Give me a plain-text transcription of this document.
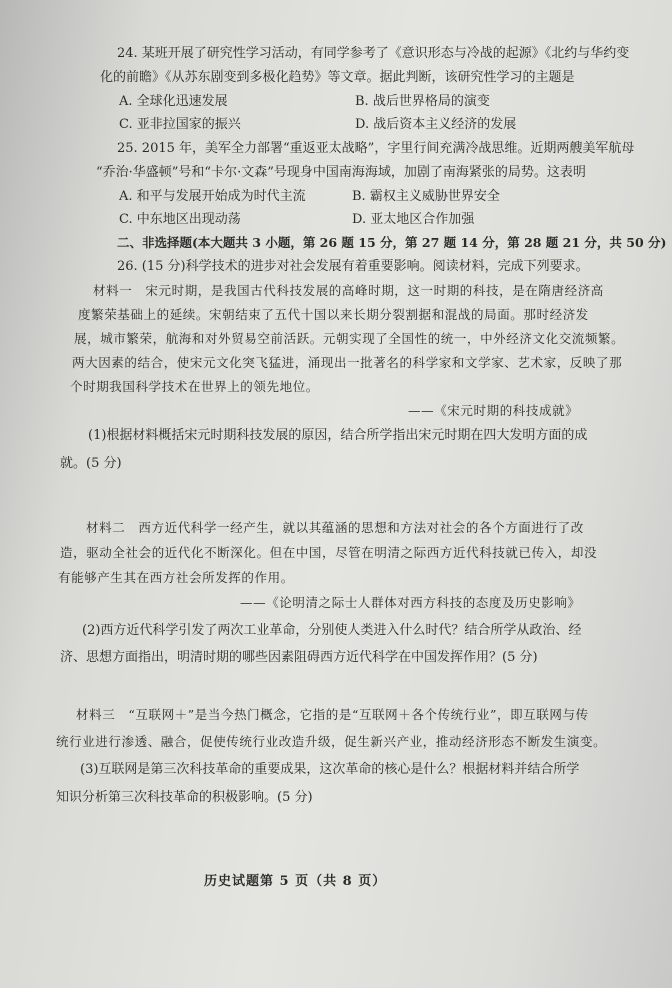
24. 某班开展了研究性学习活动，有同学参考了《意识形态与冷战的起源》《北约与华约变
化的前瞻》《从苏东剧变到多极化趋势》等文章。据此判断，该研究性学习的主题是
A. 全球化迅速发展	B. 战后世界格局的演变
C. 亚非拉国家的振兴	D. 战后资本主义经济的发展
25. 2015 年，美军全力部署“重返亚太战略”，字里行间充满冷战思维。近期两艘美军航母
“乔治·华盛顿”号和“卡尔·文森”号现身中国南海海域，加剧了南海紧张的局势。这表明
A. 和平与发展开始成为时代主流	B. 霸权主义威胁世界安全
C. 中东地区出现动荡	D. 亚太地区合作加强
二、非选择题(本大题共 3 小题，第 26 题 15 分，第 27 题 14 分，第 28 题 21 分，共 50 分)
26. (15 分)科学技术的进步对社会发展有着重要影响。阅读材料，完成下列要求。
材料一　宋元时期，是我国古代科技发展的高峰时期，这一时期的科技，是在隋唐经济高
度繁荣基础上的延续。宋朝结束了五代十国以来长期分裂割据和混战的局面。那时经济发
展，城市繁荣，航海和对外贸易空前活跃。元朝实现了全国性的统一，中外经济文化交流频繁。
两大因素的结合，使宋元文化突飞猛进，涌现出一批著名的科学家和文学家、艺术家，反映了那
个时期我国科学技术在世界上的领先地位。
——《宋元时期的科技成就》
(1)根据材料概括宋元时期科技发展的原因，结合所学指出宋元时期在四大发明方面的成
就。(5 分)
材料二　西方近代科学一经产生，就以其蕴涵的思想和方法对社会的各个方面进行了改
造，驱动全社会的近代化不断深化。但在中国，尽管在明清之际西方近代科技就已传入，却没
有能够产生其在西方社会所发挥的作用。
——《论明清之际士人群体对西方科技的态度及历史影响》
(2)西方近代科学引发了两次工业革命，分别使人类进入什么时代？结合所学从政治、经
济、思想方面指出，明清时期的哪些因素阻碍西方近代科学在中国发挥作用？(5 分)
材料三　“互联网＋”是当今热门概念，它指的是“互联网＋各个传统行业”，即互联网与传
统行业进行渗透、融合，促使传统行业改造升级，促生新兴产业，推动经济形态不断发生演变。
(3)互联网是第三次科技革命的重要成果，这次革命的核心是什么？根据材料并结合所学
知识分析第三次科技革命的积极影响。(5 分)
历史试题第 5 页（共 8 页）
